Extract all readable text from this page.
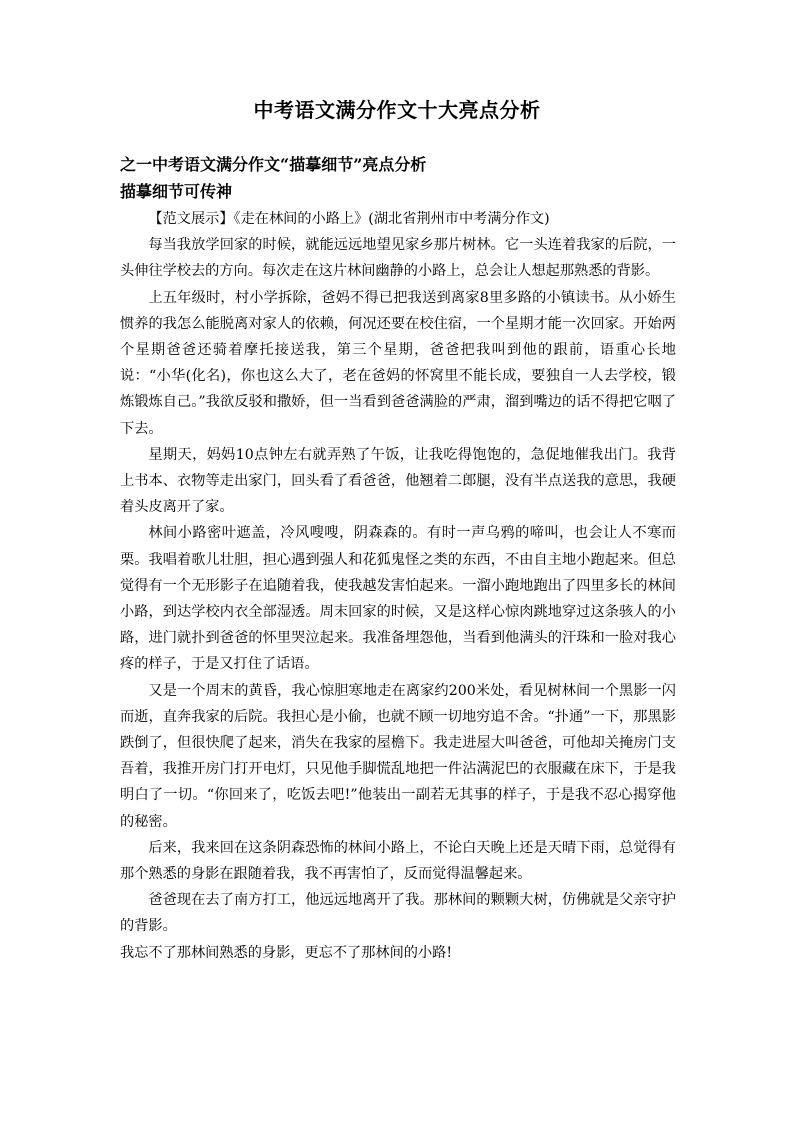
中考语文满分作文十大亮点分析
之一中考语文满分作文“描摹细节”亮点分析
描摹细节可传神

【范文展示】《走在林间的小路上》(湖北省荆州市中考满分作文)

每当我放学回家的时候，就能远远地望见家乡那片树林。它一头连着我家的后院，一头伸往学校去的方向。每次走在这片林间幽静的小路上，总会让人想起那熟悉的背影。

上五年级时，村小学拆除，爸妈不得已把我送到离家8里多路的小镇读书。从小娇生惯养的我怎么能脱离对家人的依赖，何况还要在校住宿，一个星期才能一次回家。开始两个星期爸爸还骑着摩托接送我，第三个星期，爸爸把我叫到他的跟前，语重心长地说：“小华(化名)，你也这么大了，老在爸妈的怀窝里不能长成，要独自一人去学校，锻炼锻炼自己。”我欲反驳和撒娇，但一当看到爸爸满脸的严肃，溜到嘴边的话不得把它咽了下去。

星期天，妈妈10点钟左右就弄熟了午饭，让我吃得饱饱的，急促地催我出门。我背上书本、衣物等走出家门，回头看了看爸爸，他翘着二郎腿，没有半点送我的意思，我硬着头皮离开了家。

林间小路密叶遮盖，冷风嗖嗖，阴森森的。有时一声乌鸦的啼叫，也会让人不寒而栗。我唱着歌儿壮胆，担心遇到强人和花狐鬼怪之类的东西，不由自主地小跑起来。但总觉得有一个无形影子在追随着我，使我越发害怕起来。一溜小跑地跑出了四里多长的林间小路，到达学校内衣全部湿透。周末回家的时候，又是这样心惊肉跳地穿过这条骇人的小路，进门就扑到爸爸的怀里哭泣起来。我准备埋怨他，当看到他满头的汗珠和一脸对我心疼的样子，于是又打住了话语。

又是一个周末的黄昏，我心惊胆寒地走在离家约200米处，看见树林间一个黑影一闪而逝，直奔我家的后院。我担心是小偷，也就不顾一切地穷追不舍。“扑通”一下，那黑影跌倒了，但很快爬了起来，消失在我家的屋檐下。我走进屋大叫爸爸，可他却关掩房门支吾着，我推开房门打开电灯，只见他手脚慌乱地把一件沾满泥巴的衣服藏在床下，于是我明白了一切。“你回来了，吃饭去吧!”他装出一副若无其事的样子，于是我不忍心揭穿他的秘密。

后来，我来回在这条阴森恐怖的林间小路上，不论白天晚上还是天晴下雨，总觉得有那个熟悉的身影在跟随着我，我不再害怕了，反而觉得温馨起来。

爸爸现在去了南方打工，他远远地离开了我。那林间的颗颗大树，仿佛就是父亲守护的背影。

我忘不了那林间熟悉的身影，更忘不了那林间的小路!
